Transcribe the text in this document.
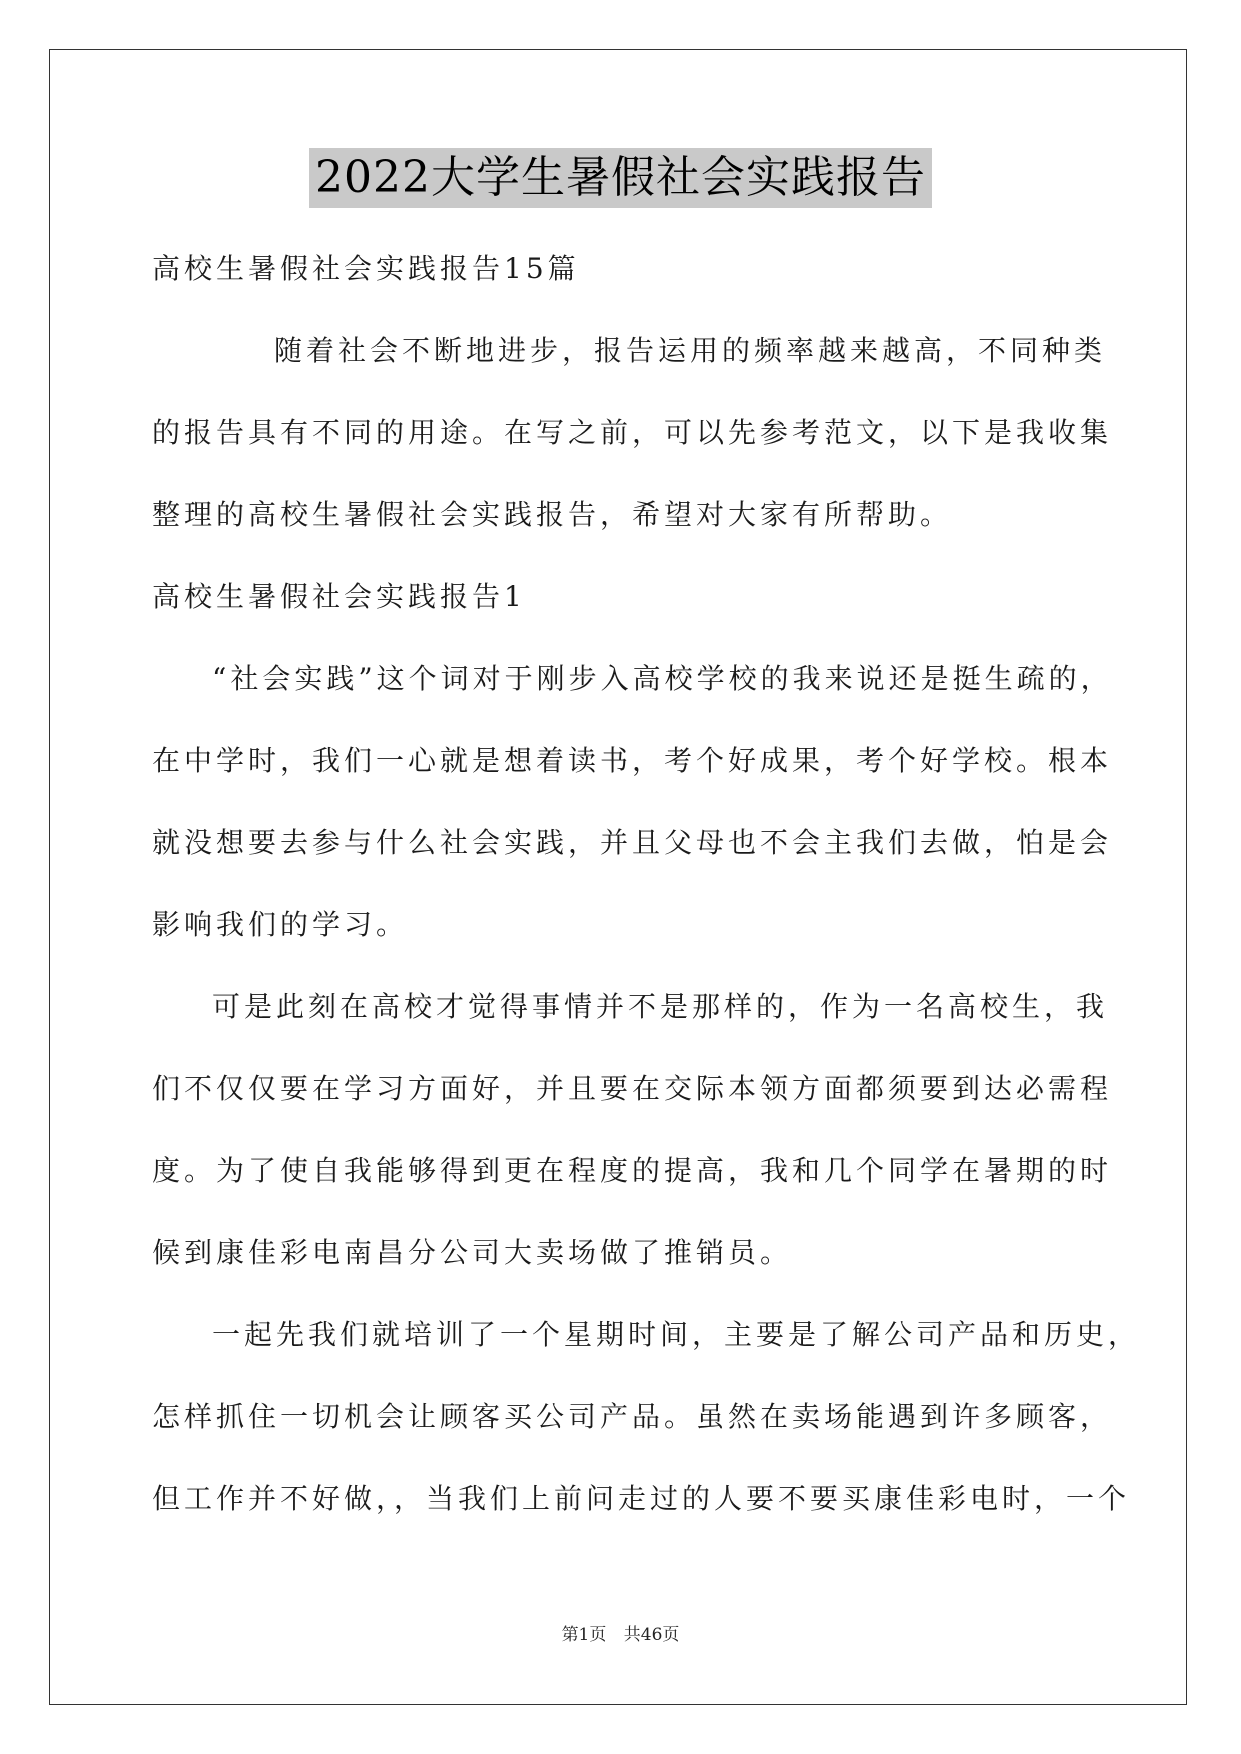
2022大学生暑假社会实践报告
高校生暑假社会实践报告15篇
随着社会不断地进步，报告运用的频率越来越高，不同种类
的报告具有不同的用途。在写之前，可以先参考范文，以下是我收集
整理的高校生暑假社会实践报告，希望对大家有所帮助。
高校生暑假社会实践报告1
“社会实践”这个词对于刚步入高校学校的我来说还是挺生疏的，
在中学时，我们一心就是想着读书，考个好成果，考个好学校。根本
就没想要去参与什么社会实践，并且父母也不会主我们去做，怕是会
影响我们的学习。
可是此刻在高校才觉得事情并不是那样的，作为一名高校生，我
们不仅仅要在学习方面好，并且要在交际本领方面都须要到达必需程
度。为了使自我能够得到更在程度的提高，我和几个同学在暑期的时
候到康佳彩电南昌分公司大卖场做了推销员。
一起先我们就培训了一个星期时间，主要是了解公司产品和历史，
怎样抓住一切机会让顾客买公司产品。虽然在卖场能遇到许多顾客，
但工作并不好做，，当我们上前问走过的人要不要买康佳彩电时，一个
第1页 共46页
